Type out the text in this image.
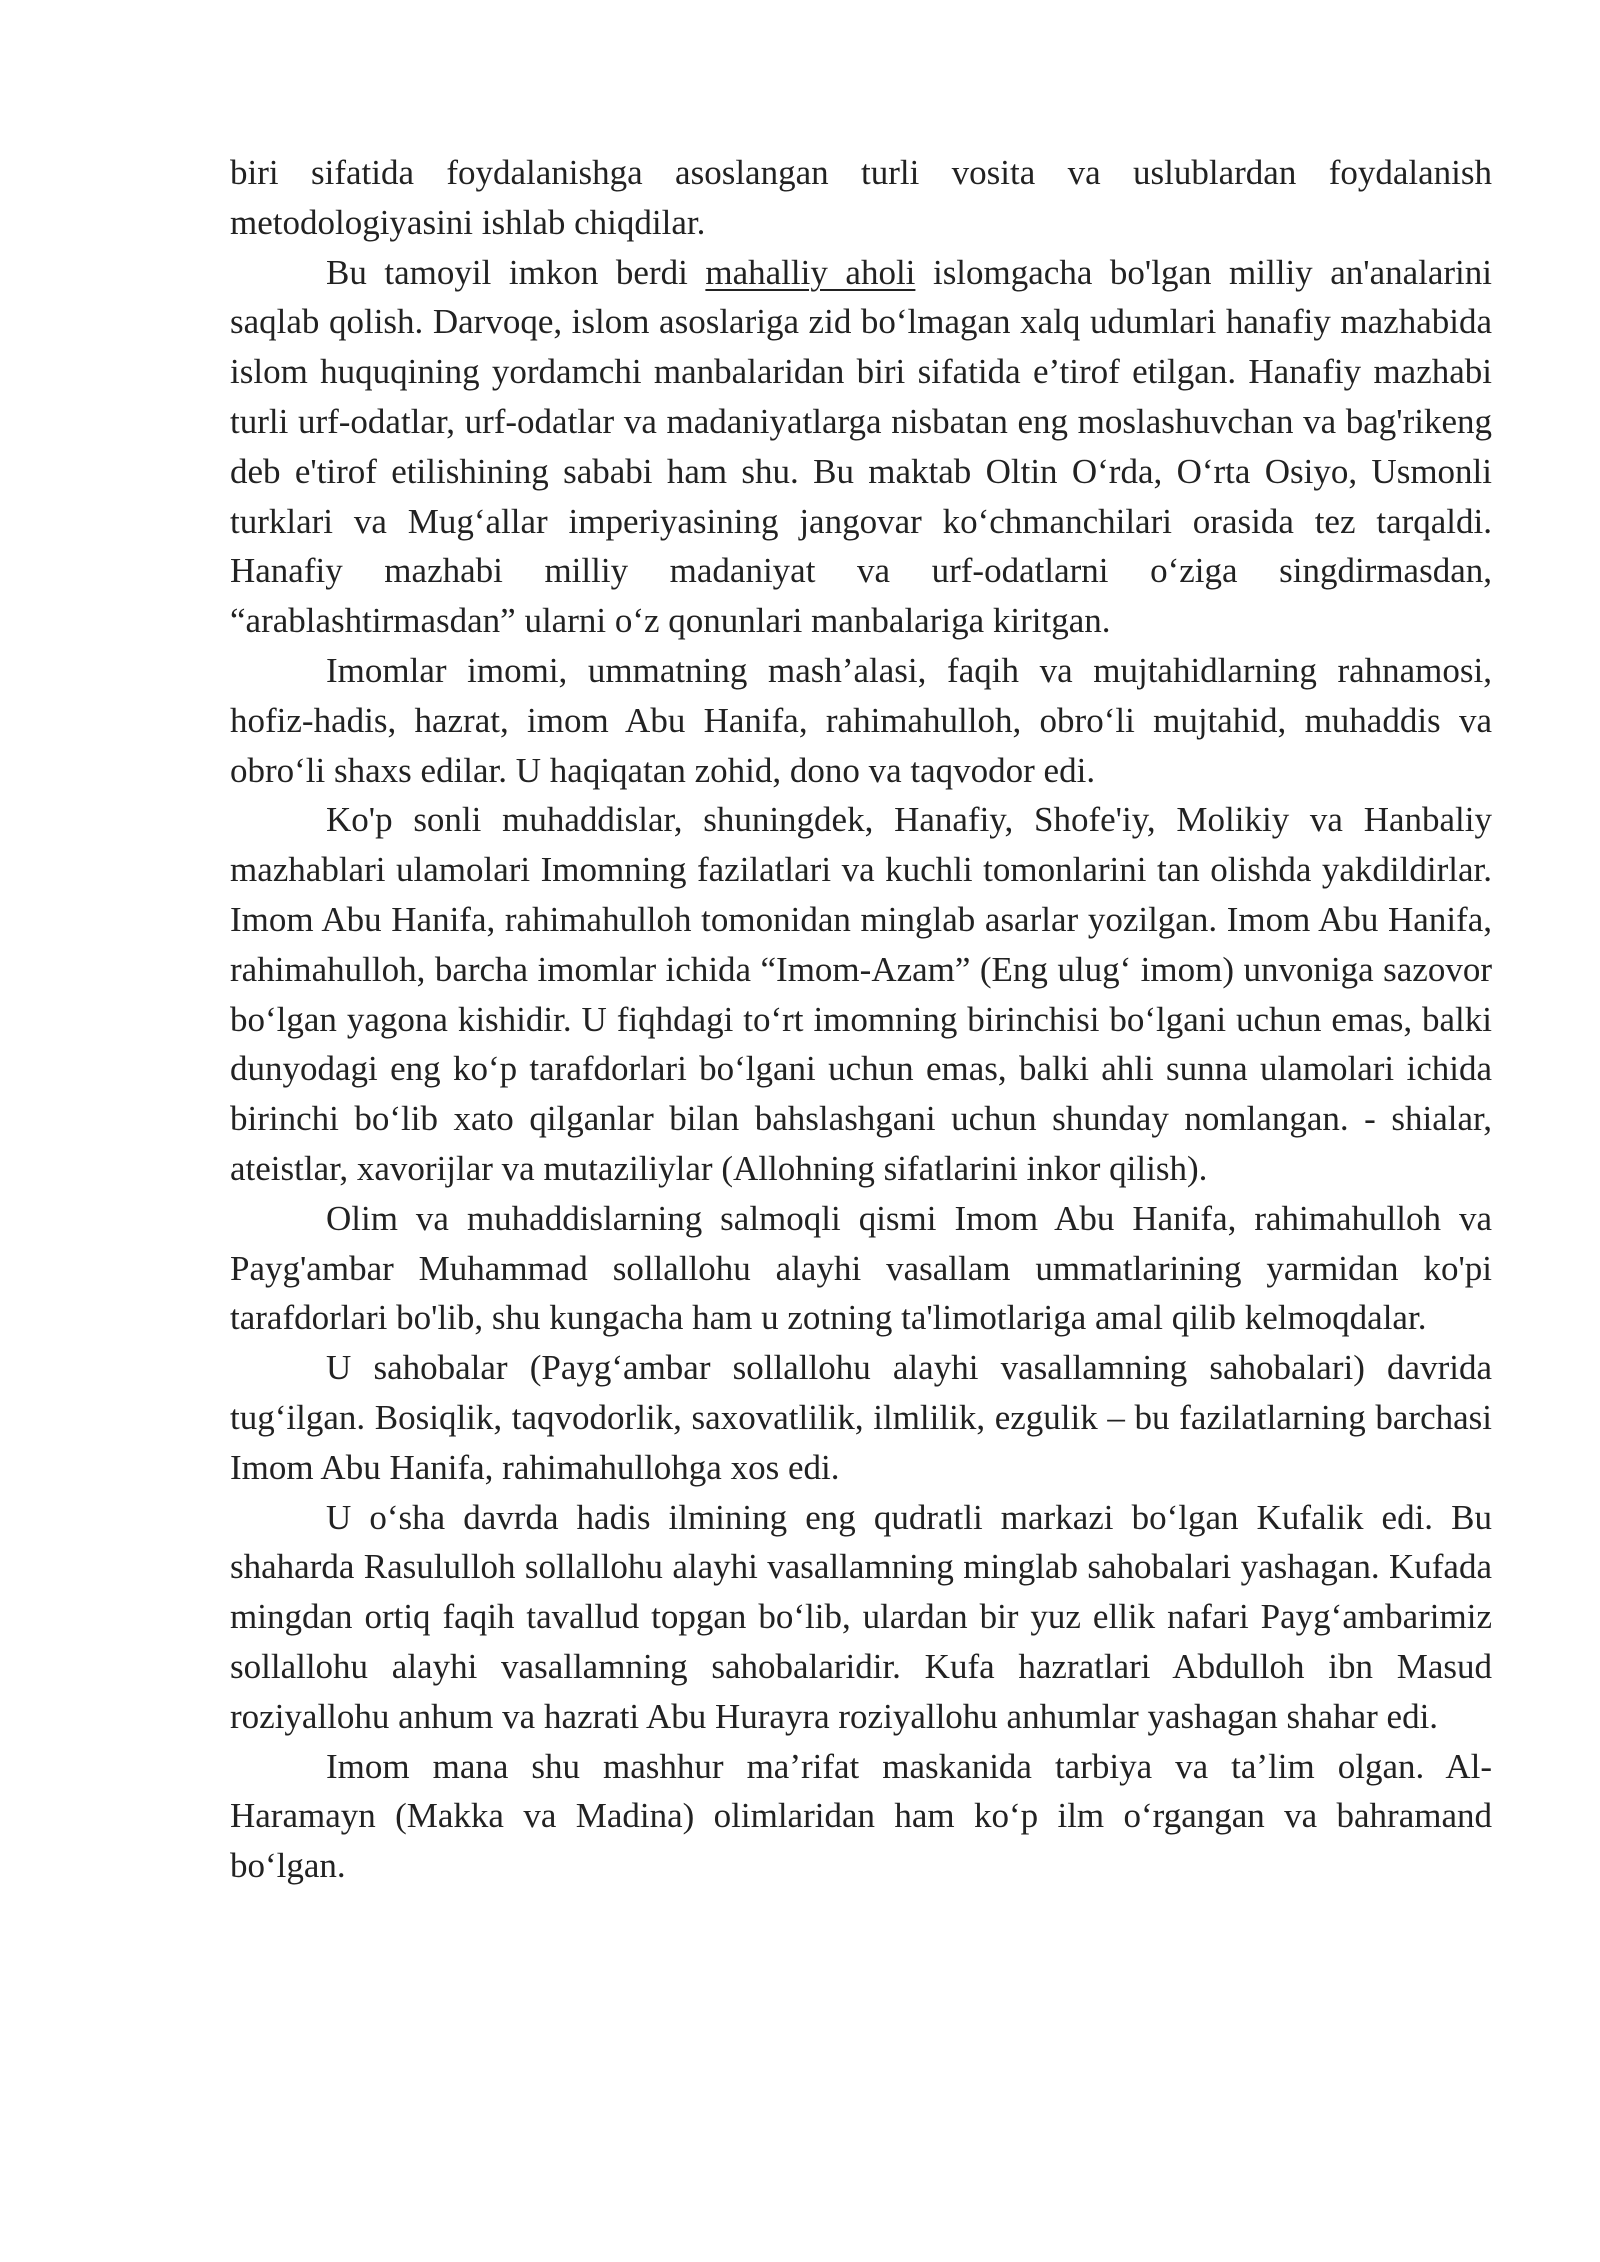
biri sifatida foydalanishga asoslangan turli vosita va uslublardan foydalanish metodologiyasini ishlab chiqdilar.

Bu tamoyil imkon berdi mahalliy aholi islomgacha bo'lgan milliy an'analarini saqlab qolish. Darvoqe, islom asoslariga zid bo‘lmagan xalq udumlari hanafiy mazhabida islom huquqining yordamchi manbalaridan biri sifatida e’tirof etilgan. Hanafiy mazhabi turli urf-odatlar, urf-odatlar va madaniyatlarga nisbatan eng moslashuvchan va bag'rikeng deb e'tirof etilishining sababi ham shu. Bu maktab Oltin O‘rda, O‘rta Osiyo, Usmonli turklari va Mug‘allar imperiyasining jangovar ko‘chmanchilari orasida tez tarqaldi. Hanafiy mazhabi milliy madaniyat va urf-odatlarni o‘ziga singdirmasdan, “arablashtirmasdan” ularni o‘z qonunlari manbalariga kiritgan.

Imomlar imomi, ummatning mash’alasi, faqih va mujtahidlarning rahnamosi, hofiz-hadis, hazrat, imom Abu Hanifa, rahimahulloh, obro‘li mujtahid, muhaddis va obro‘li shaxs edilar. U haqiqatan zohid, dono va taqvodor edi.

Ko'p sonli muhaddislar, shuningdek, Hanafiy, Shofe'iy, Molikiy va Hanbaliy mazhablari ulamolari Imomning fazilatlari va kuchli tomonlarini tan olishda yakdildirlar. Imom Abu Hanifa, rahimahulloh tomonidan minglab asarlar yozilgan. Imom Abu Hanifa, rahimahulloh, barcha imomlar ichida “Imom-Azam” (Eng ulug‘ imom) unvoniga sazovor bo‘lgan yagona kishidir. U fiqhdagi to‘rt imomning birinchisi bo‘lgani uchun emas, balki dunyodagi eng ko‘p tarafdorlari bo‘lgani uchun emas, balki ahli sunna ulamolari ichida birinchi bo‘lib xato qilganlar bilan bahslashgani uchun shunday nomlangan. - shialar, ateistlar, xavorijlar va mutaziliylar (Allohning sifatlarini inkor qilish).

Olim va muhaddislarning salmoqli qismi Imom Abu Hanifa, rahimahulloh va Payg'ambar Muhammad sollallohu alayhi vasallam ummatlarining yarmidan ko'pi tarafdorlari bo'lib, shu kungacha ham u zotning ta'limotlariga amal qilib kelmoqdalar.

U sahobalar (Payg‘ambar sollallohu alayhi vasallamning sahobalari) davrida tug‘ilgan. Bosiqlik, taqvodorlik, saxovatlilik, ilmlilik, ezgulik – bu fazilatlarning barchasi Imom Abu Hanifa, rahimahullohga xos edi.

U o‘sha davrda hadis ilmining eng qudratli markazi bo‘lgan Kufalik edi. Bu shaharda Rasululloh sollallohu alayhi vasallamning minglab sahobalari yashagan. Kufada mingdan ortiq faqih tavallud topgan bo‘lib, ulardan bir yuz ellik nafari Payg‘ambarimiz sollallohu alayhi vasallamning sahobalaridir. Kufa hazratlari Abdulloh ibn Masud roziyallohu anhum va hazrati Abu Hurayra roziyallohu anhumlar yashagan shahar edi.

Imom mana shu mashhur ma’rifat maskanida tarbiya va ta’lim olgan. Al-Haramayn (Makka va Madina) olimlaridan ham ko‘p ilm o‘rgangan va bahramand bo‘lgan.
